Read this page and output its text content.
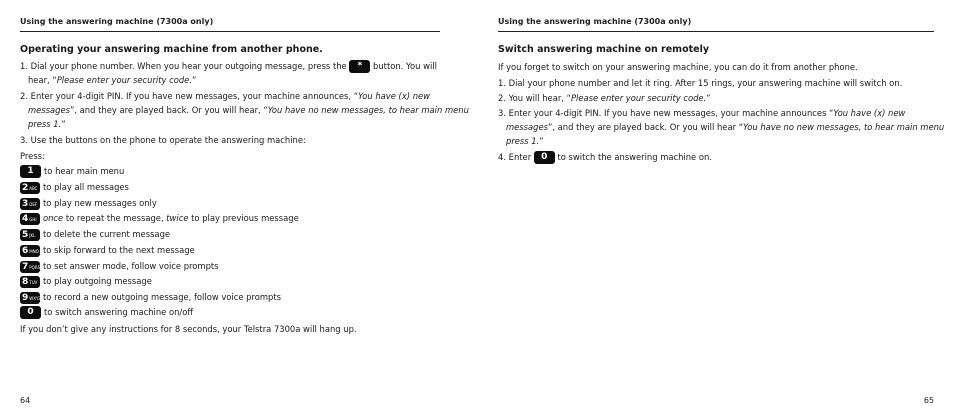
Using the answering machine (7300a only)
Operating your answering machine from another phone.
1. Dial your phone number. When you hear your outgoing message, press the * button. You will
hear, “Please enter your security code.”
2. Enter your 4-digit PIN. If you have new messages, your machine announces, “You have (x) new
messages”, and they are played back. Or you will hear, “You have no new messages, to hear main menu
press 1.”
3. Use the buttons on the phone to operate the answering machine:
Press:
1 to hear main menu
2ABC to play all messages
3DEF to play new messages only
4GHI once to repeat the message, twice to play previous message
5JKL to delete the current message
6MNO to skip forward to the next message
7PQRS to set answer mode, follow voice prompts
8TUV to play outgoing message
9WXYZ to record a new outgoing message, follow voice prompts
0 to switch answering machine on/off
If you don’t give any instructions for 8 seconds, your Telstra 7300a will hang up.
64
Using the answering machine (7300a only)
Switch answering machine on remotely
If you forget to switch on your answering machine, you can do it from another phone.
1. Dial your phone number and let it ring. After 15 rings, your answering machine will switch on.
2. You will hear, “Please enter your security code.”
3. Enter your 4-digit PIN. If you have new messages, your machine announces “You have (x) new
messages”, and they are played back. Or you will hear “You have no new messages, to hear main menu
press 1.”
4. Enter 0 to switch the answering machine on.
65
